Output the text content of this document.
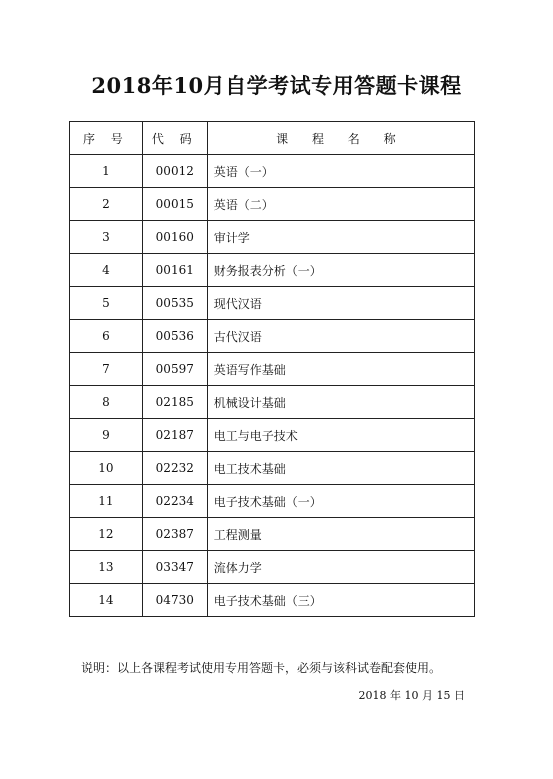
2018年10月自学考试专用答题卡课程
序 号	代 码	课 程 名 称
1	00012	英语（一）
2	00015	英语（二）
3	00160	审计学
4	00161	财务报表分析（一）
5	00535	现代汉语
6	00536	古代汉语
7	00597	英语写作基础
8	02185	机械设计基础
9	02187	电工与电子技术
10	02232	电工技术基础
11	02234	电子技术基础（一）
12	02387	工程测量
13	03347	流体力学
14	04730	电子技术基础（三）
说明：以上各课程考试使用专用答题卡，必须与该科试卷配套使用。
2018 年 10 月 15 日
